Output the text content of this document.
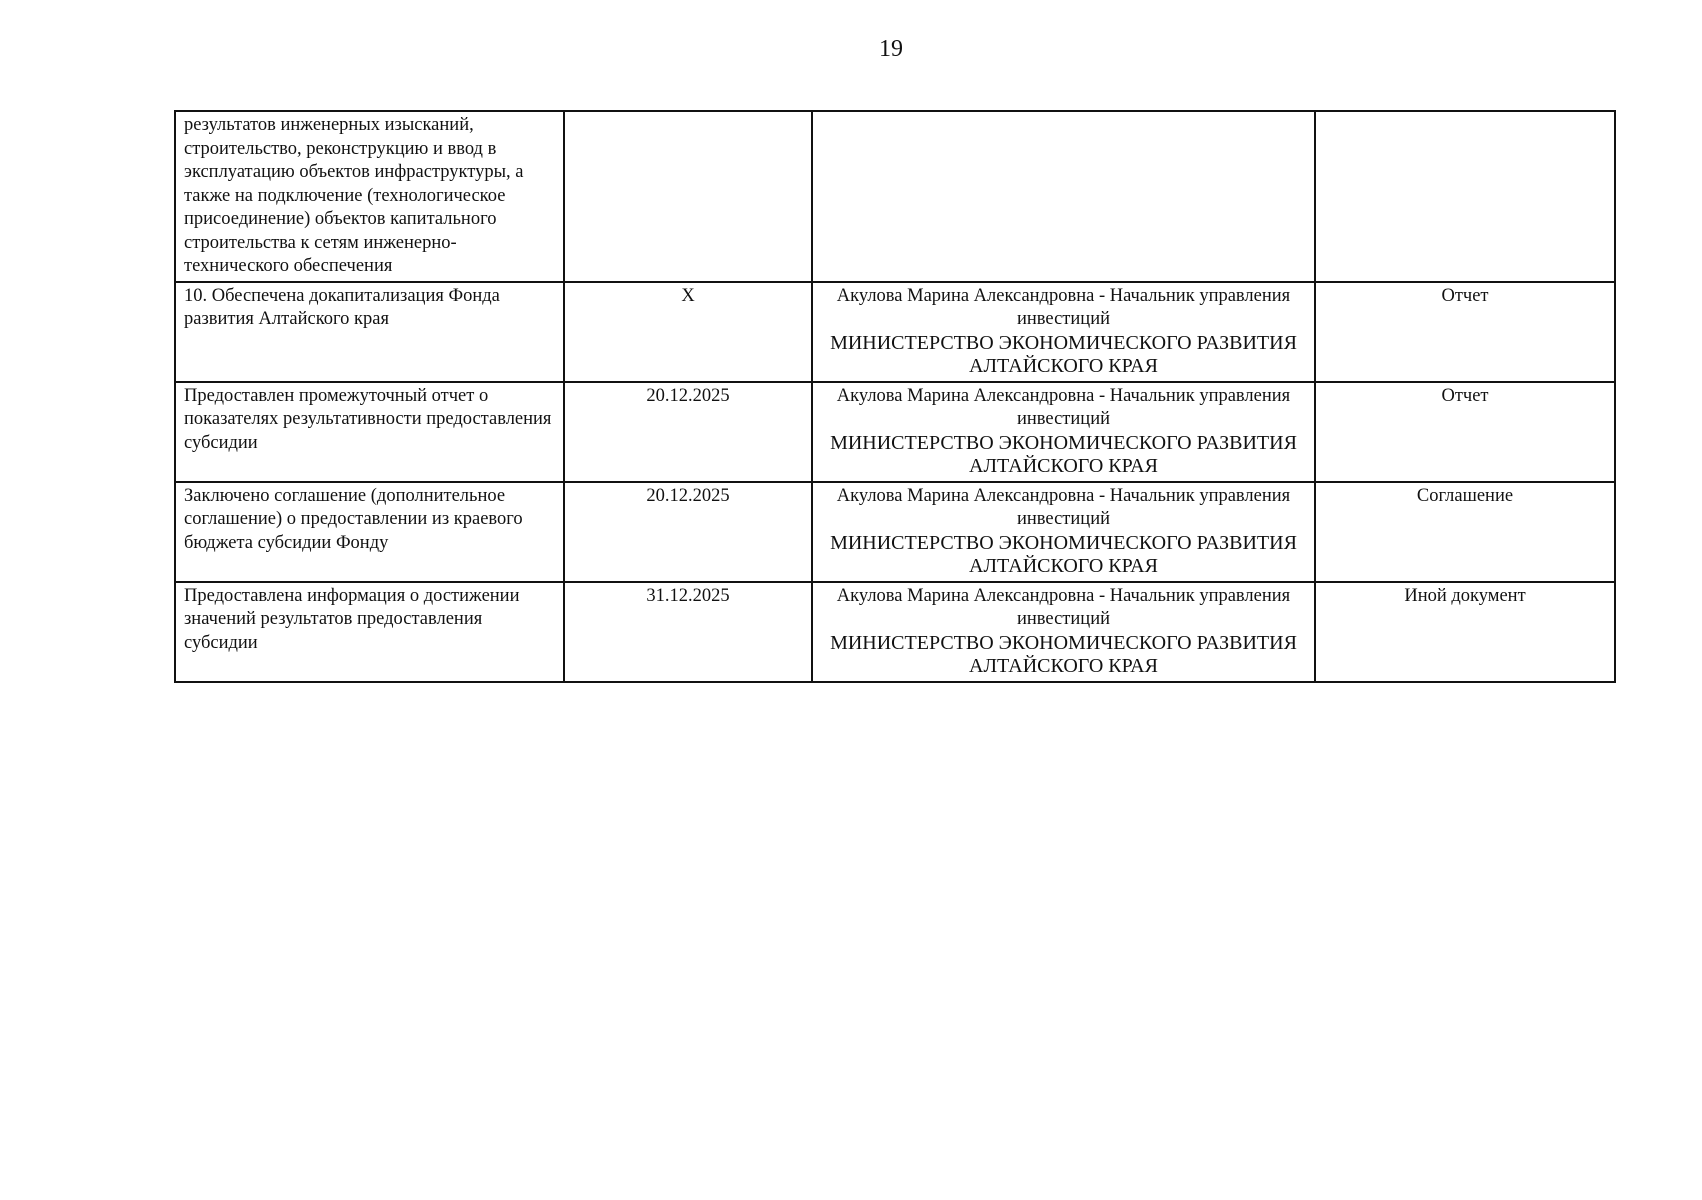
19
результатов инженерных изысканий, строительство, реконструкцию и ввод в эксплуатацию объектов инфраструктуры, а также на подключение (технологическое присоединение) объектов капитального строительства к сетям инженерно-технического обеспечения		

10. Обеспечена докапитализация Фонда развития Алтайского края	X	Акулова Марина Александровна - Начальник управления инвестиций
МИНИСТЕРСТВО ЭКОНОМИЧЕСКОГО РАЗВИТИЯ АЛТАЙСКОГО КРАЯ	Отчет
Предоставлен промежуточный отчет о показателях результативности предоставления субсидии	20.12.2025	Акулова Марина Александровна - Начальник управления инвестиций
МИНИСТЕРСТВО ЭКОНОМИЧЕСКОГО РАЗВИТИЯ АЛТАЙСКОГО КРАЯ	Отчет
Заключено соглашение (дополнительное соглашение) о предоставлении из краевого бюджета субсидии Фонду	20.12.2025	Акулова Марина Александровна - Начальник управления инвестиций
МИНИСТЕРСТВО ЭКОНОМИЧЕСКОГО РАЗВИТИЯ АЛТАЙСКОГО КРАЯ	Соглашение
Предоставлена информация о достижении значений результатов предоставления субсидии	31.12.2025	Акулова Марина Александровна - Начальник управления инвестиций
МИНИСТЕРСТВО ЭКОНОМИЧЕСКОГО РАЗВИТИЯ АЛТАЙСКОГО КРАЯ	Иной документ
